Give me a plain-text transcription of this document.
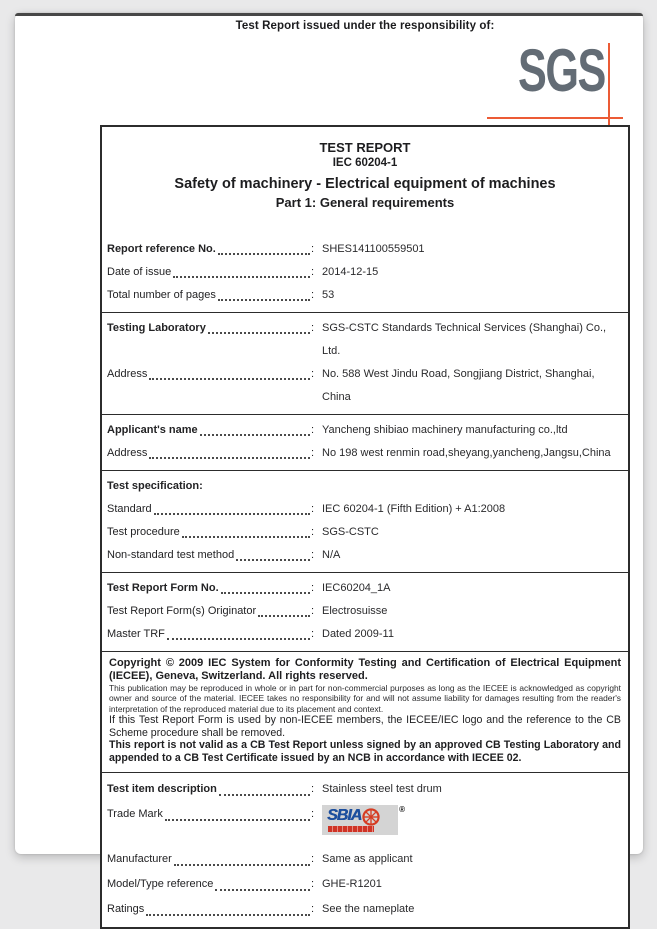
Test Report issued under the responsibility of:
SGS
TEST REPORT
IEC 60204-1
Safety of machinery - Electrical equipment of machines
Part 1: General requirements
Report reference No.	: SHES141100559501
Date of issue	: 2014-12-15
Total number of pages	: 53
Testing Laboratory	: SGS-CSTC Standards Technical Services (Shanghai) Co., Ltd.
Address	: No. 588 West Jindu Road, Songjiang District, Shanghai, China
Applicant's name	: Yancheng shibiao machinery manufacturing co.,ltd
Address	: No 198 west renmin road,sheyang,yancheng,Jangsu,China
Test specification :
Standard	: IEC 60204-1 (Fifth Edition) + A1:2008
Test procedure	: SGS-CSTC
Non-standard test method	: N/A
Test Report Form No.	: IEC60204_1A
Test Report Form(s) Originator	: Electrosuisse
Master TRF	: Dated 2009-11

Copyright © 2009 IEC System for Conformity Testing and Certification of Electrical Equipment (IECEE), Geneva, Switzerland. All rights reserved.

This publication may be reproduced in whole or in part for non-commercial purposes as long as the IECEE is acknowledged as copyright owner and source of the material. IECEE takes no responsibility for and will not assume liability for damages resulting from the reader's interpretation of the reproduced material due to its placement and context.

If this Test Report Form is used by non-IECEE members, the IECEE/IEC logo and the reference to the CB Scheme procedure shall be removed.

This report is not valid as a CB Test Report unless signed by an approved CB Testing Laboratory and appended to a CB Test Certificate issued by an NCB in accordance with IECEE 02.

Test item description	: Stainless steel test drum
Trade Mark	:	®
SBIA
Manufacturer	: Same as applicant
Model/Type reference	: GHE-R1201
Ratings	: See the nameplate
